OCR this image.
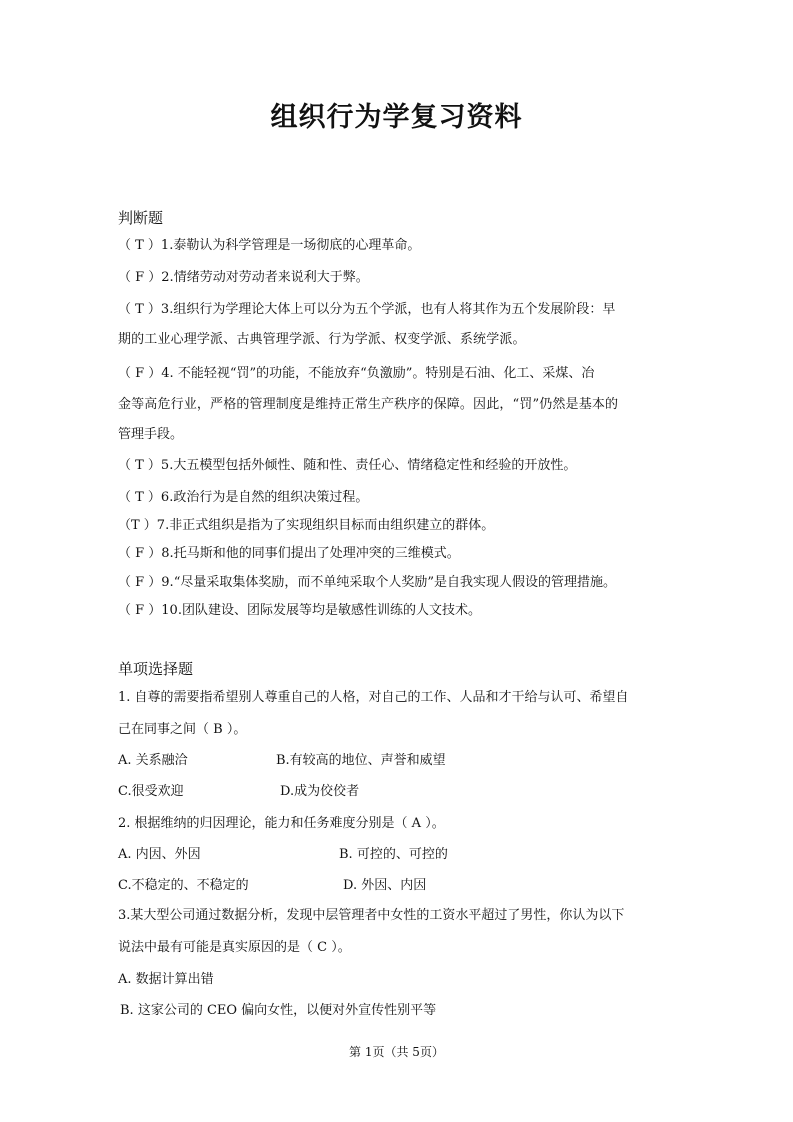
组织行为学复习资料
判断题
（ T ）1.泰勒认为科学管理是一场彻底的心理革命。
（ F ）2.情绪劳动对劳动者来说利大于弊。
（ T ）3.组织行为学理论大体上可以分为五个学派，也有人将其作为五个发展阶段：早
期的工业心理学派、古典管理学派、行为学派、权变学派、系统学派。
（ F ）4. 不能轻视“罚”的功能，不能放弃“负激励”。特别是石油、化工、采煤、冶
金等高危行业，严格的管理制度是维持正常生产秩序的保障。因此，“罚”仍然是基本的
管理手段。
（ T ）5.大五模型包括外倾性、随和性、责任心、情绪稳定性和经验的开放性。
（ T ）6.政治行为是自然的组织决策过程。
（T ）7.非正式组织是指为了实现组织目标而由组织建立的群体。
（ F ）8.托马斯和他的同事们提出了处理冲突的三维模式。
（ F ）9.“尽量采取集体奖励，而不单纯采取个人奖励”是自我实现人假设的管理措施。
（ F ）10.团队建设、团际发展等均是敏感性训练的人文技术。
单项选择题
1. 自尊的需要指希望别人尊重自己的人格，对自己的工作、人品和才干给与认可、希望自
己在同事之间（ B ）。
A. 关系融洽	B.有较高的地位、声誉和威望
C.很受欢迎	D.成为佼佼者
2. 根据维纳的归因理论，能力和任务难度分别是（ A ）。
A. 内因、外因	B. 可控的、可控的
C.不稳定的、不稳定的	D. 外因、内因
3.某大型公司通过数据分析，发现中层管理者中女性的工资水平超过了男性，你认为以下
说法中最有可能是真实原因的是（ C ）。
A. 数据计算出错
B. 这家公司的 CEO 偏向女性，以便对外宣传性别平等
第 1页（共 5页）
